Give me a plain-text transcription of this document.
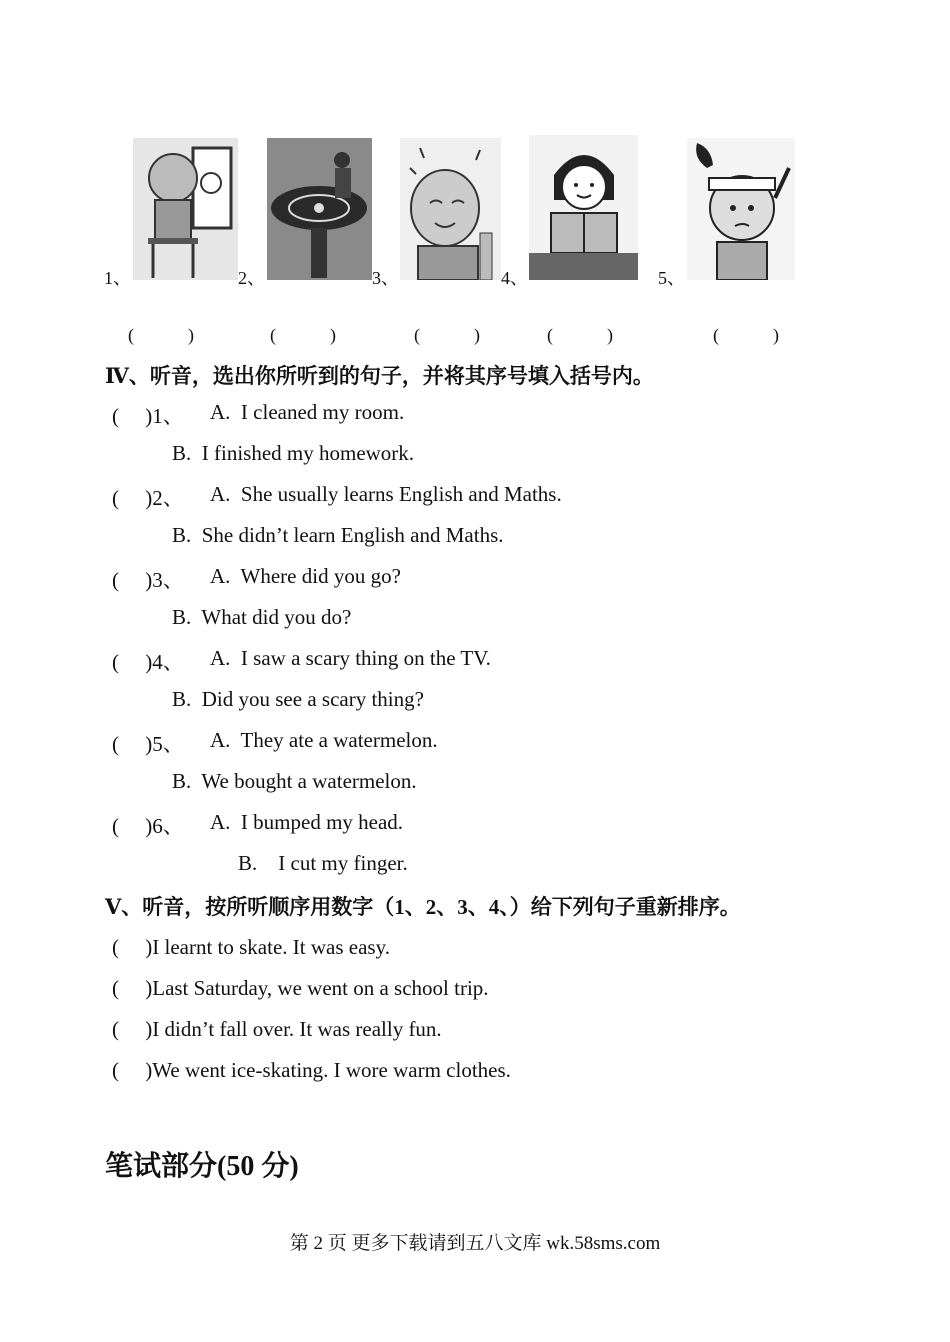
1、	2、	3、	4、	5、
(　　　)	(　　　)	(　　　)	(　　　)	(　　　)
Ⅳ、听音，选出你所听到的句子，并将其序号填入括号内。
(　 )1、 A.  I cleaned my room.
B.  I finished my homework.
(　 )2、 A.  She usually learns English and Maths.
B.  She didn’t learn English and Maths.
(　 )3、 A.  Where did you go?
B.  What did you do?
(　 )4、 A.  I saw a scary thing on the TV.
B.  Did you see a scary thing?
(　 )5、 A.  They ate a watermelon.
B.  We bought a watermelon.
(　 )6、 A.  I bumped my head.
B.    I cut my finger.
Ⅴ、听音，按所听顺序用数字（1、2、3、4、）给下列句子重新排序。
(　 )I learnt to skate. It was easy.
(　 )Last Saturday, we went on a school trip.
(　 )I didn’t fall over. It was really fun.
(　 )We went ice-skating. I wore warm clothes.
笔试部分(50 分)
第 2 页 更多下载请到五八文库 wk.58sms.com
